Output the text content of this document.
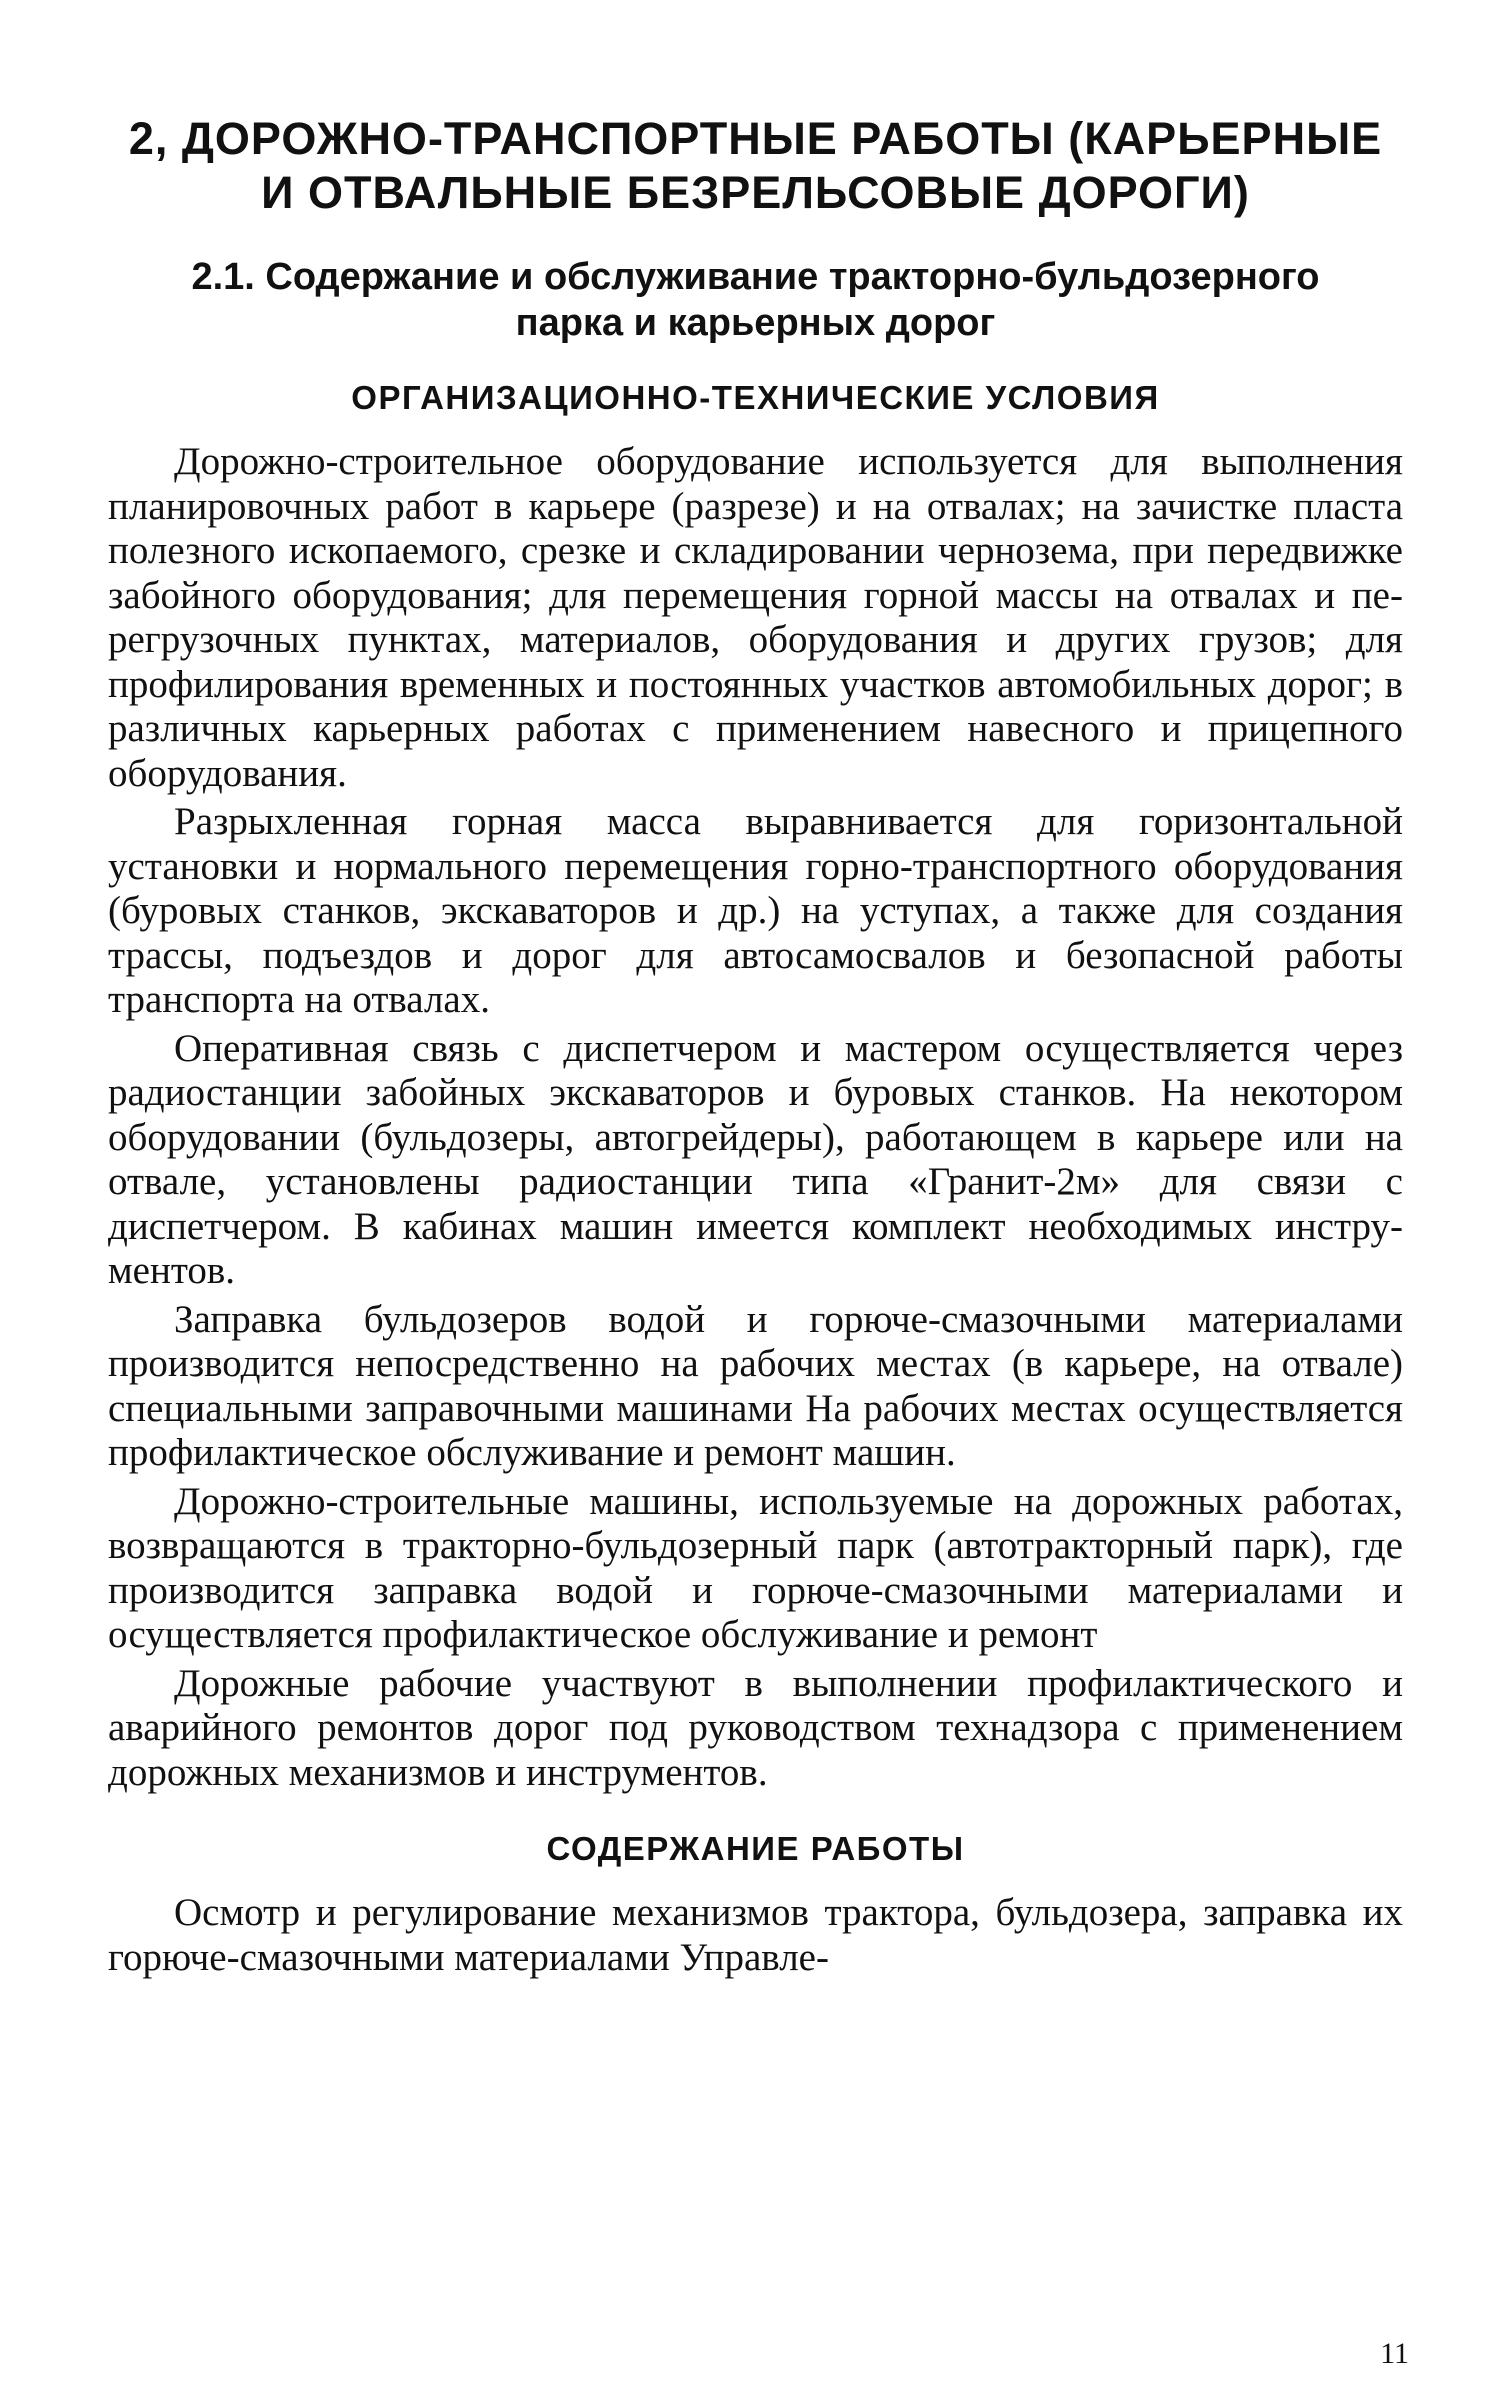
2, ДОРОЖНО-ТРАНСПОРТНЫЕ РАБОТЫ (КАРЬЕРНЫЕ
И ОТВАЛЬНЫЕ БЕЗРЕЛЬСОВЫЕ ДОРОГИ)
2.1. Содержание и обслуживание тракторно-бульдозерного
парка и карьерных дорог
ОРГАНИЗАЦИОННО-ТЕХНИЧЕСКИЕ УСЛОВИЯ

Дорожно-строительное оборудование используется для выполнения планировочных работ в карьере (разрезе) и на отвалах; на зачистке пласта полезного ископаемого, срезке и складировании чернозема, при передвижке забойного оборудования; для перемещения горной массы на отвалах и перегрузочных пунктах, материалов, оборудования и других грузов; для профилирования временных и постоянных участков автомобильных дорог; в различных карьерных работах с применением навесного и прицепного оборудования.

Разрыхленная горная масса выравнивается для горизонтальной установки и нормального перемещения горно-транспортного оборудования (буровых станков, экскаваторов и др.) на уступах, а также для создания трассы, подъездов и дорог для автосамосвалов и безопасной работы транспорта на отвалах.

Оперативная связь с диспетчером и мастером осуществляется через радиостанции забойных экскаваторов и буровых станков. На некотором оборудовании (бульдозеры, автогрейдеры), работающем в карьере или на отвале, установлены радиостанции типа «Гранит-2м» для связи с диспетчером. В кабинах машин имеется комплект необходимых инструментов.

Заправка бульдозеров водой и горюче-смазочными материалами производится непосредственно на рабочих местах (в карьере, на отвале) специальными заправочными машинами На рабочих местах осуществляется профилактическое обслуживание и ремонт машин.

Дорожно-строительные машины, используемые на дорожных работах, возвращаются в тракторно-бульдозерный парк (автотракторный парк), где производится заправка водой и горюче-смазочными материалами и осуществляется профилактическое обслуживание и ремонт

Дорожные рабочие участвуют в выполнении профилактического и аварийного ремонтов дорог под руководством технадзора с применением дорожных механизмов и инструментов.

СОДЕРЖАНИЕ РАБОТЫ

Осмотр и регулирование механизмов трактора, бульдозера, заправка их горюче-смазочными материалами Управле-

11
